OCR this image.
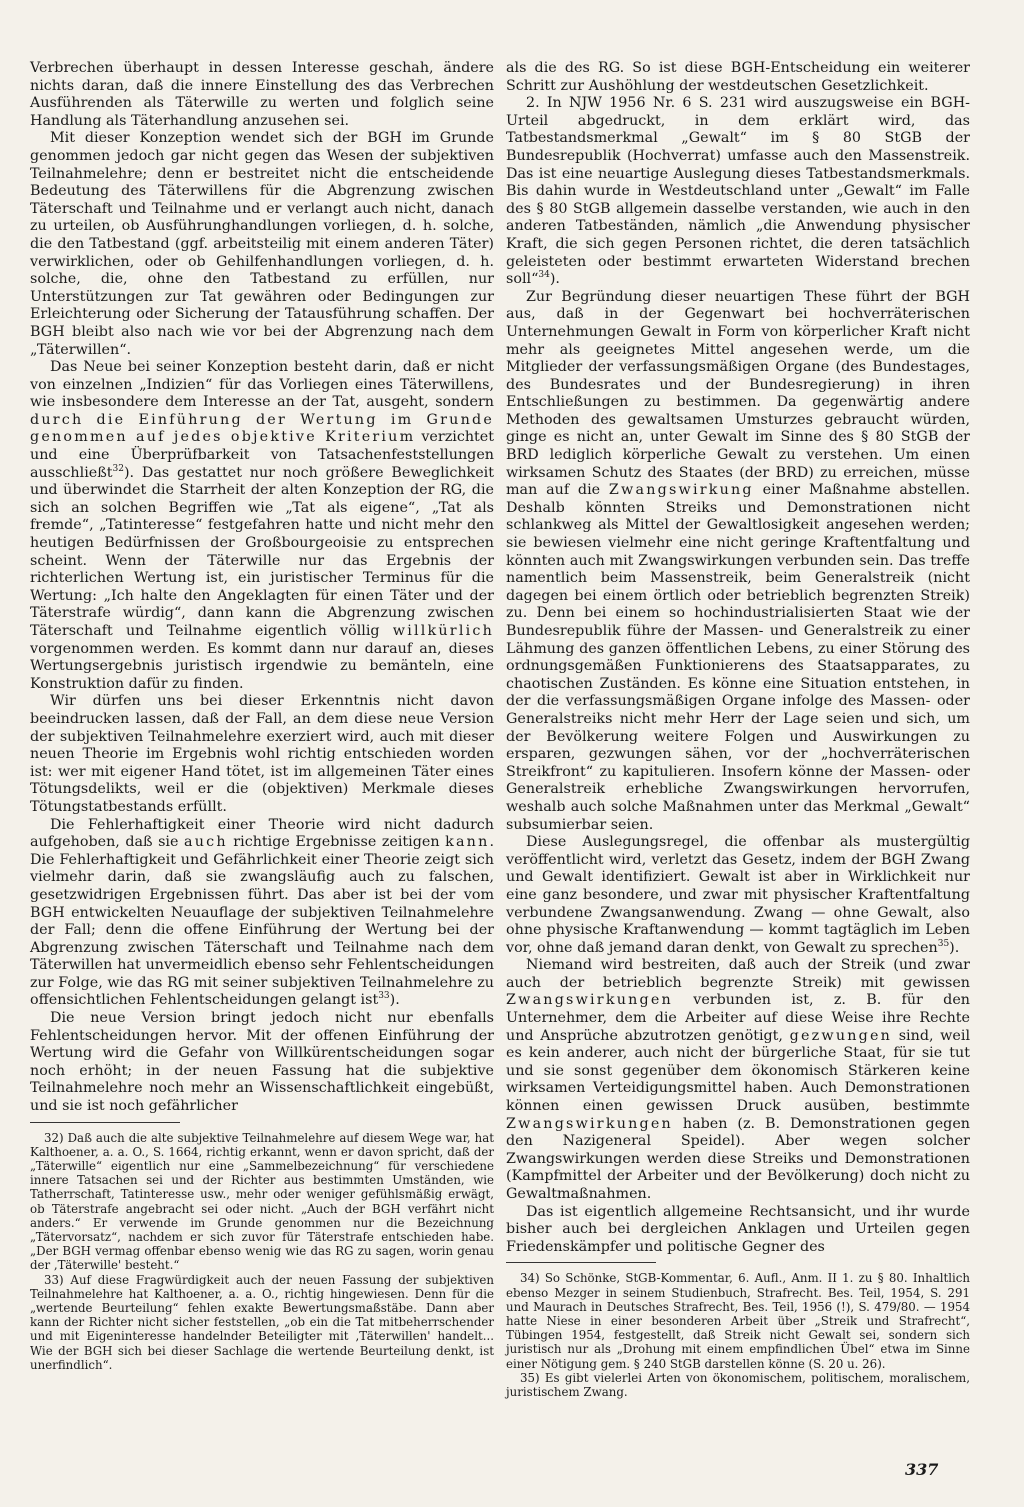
Verbrechen überhaupt in dessen Interesse geschah, ändere nichts daran, daß die innere Einstellung des das Verbrechen Ausführenden als Täterwille zu werten und folglich seine Handlung als Täterhandlung anzusehen sei.

Mit dieser Konzeption wendet sich der BGH im Grunde genommen jedoch gar nicht gegen das Wesen der subjektiven Teilnahmelehre; denn er bestreitet nicht die entscheidende Bedeutung des Täterwillens für die Abgrenzung zwischen Täterschaft und Teilnahme und er verlangt auch nicht, danach zu urteilen, ob Ausführunghandlungen vorliegen, d. h. solche, die den Tatbestand (ggf. arbeitsteilig mit einem anderen Täter) verwirklichen, oder ob Gehilfenhandlungen vorliegen, d. h. solche, die, ohne den Tatbestand zu erfüllen, nur Unterstützungen zur Tat gewähren oder Bedingungen zur Erleichterung oder Sicherung der Tatausführung schaffen. Der BGH bleibt also nach wie vor bei der Abgrenzung nach dem „Täterwillen“.

Das Neue bei seiner Konzeption besteht darin, daß er nicht von einzelnen „Indizien“ für das Vorliegen eines Täterwillens, wie insbesondere dem Interesse an der Tat, ausgeht, sondern durch die Einführung der Wertung im Grunde genommen auf jedes objektive Kriterium verzichtet und eine Überprüfbarkeit von Tatsachenfeststellungen ausschließt$^{32}$). Das gestattet nur noch größere Beweglichkeit und überwindet die Starrheit der alten Konzeption der RG, die sich an solchen Begriffen wie „Tat als eigene“, „Tat als fremde“, „Tatinteresse“ festgefahren hatte und nicht mehr den heutigen Bedürfnissen der Großbourgeoisie zu entsprechen scheint. Wenn der Täterwille nur das Ergebnis der richterlichen Wertung ist, ein juristischer Terminus für die Wertung: „Ich halte den Angeklagten für einen Täter und der Täterstrafe würdig“, dann kann die Abgrenzung zwischen Täterschaft und Teilnahme eigentlich völlig willkürlich vorgenommen werden. Es kommt dann nur darauf an, dieses Wertungsergebnis juristisch irgendwie zu bemänteln, eine Konstruktion dafür zu finden.

Wir dürfen uns bei dieser Erkenntnis nicht davon beeindrucken lassen, daß der Fall, an dem diese neue Version der subjektiven Teilnahmelehre exerziert wird, auch mit dieser neuen Theorie im Ergebnis wohl richtig entschieden worden ist: wer mit eigener Hand tötet, ist im allgemeinen Täter eines Tötungsdelikts, weil er die (objektiven) Merkmale dieses Tötungstatbestands erfüllt.

Die Fehlerhaftigkeit einer Theorie wird nicht dadurch aufgehoben, daß sie auch richtige Ergebnisse zeitigen kann. Die Fehlerhaftigkeit und Gefährlichkeit einer Theorie zeigt sich vielmehr darin, daß sie zwangsläufig auch zu falschen, gesetzwidrigen Ergebnissen führt. Das aber ist bei der vom BGH entwickelten Neuauflage der subjektiven Teilnahmelehre der Fall; denn die offene Einführung der Wertung bei der Abgrenzung zwischen Täterschaft und Teilnahme nach dem Täterwillen hat unvermeidlich ebenso sehr Fehlentscheidungen zur Folge, wie das RG mit seiner subjektiven Teilnahmelehre zu offensichtlichen Fehlentscheidungen gelangt ist$^{33}$).

Die neue Version bringt jedoch nicht nur ebenfalls Fehlentscheidungen hervor. Mit der offenen Einführung der Wertung wird die Gefahr von Willkürentscheidungen sogar noch erhöht; in der neuen Fassung hat die subjektive Teilnahmelehre noch mehr an Wissenschaftlichkeit eingebüßt, und sie ist noch gefährlicher

32) Daß auch die alte subjektive Teilnahmelehre auf diesem Wege war, hat Kalthoener, a. a. O., S. 1664, richtig erkannt, wenn er davon spricht, daß der „Täterwille“ eigentlich nur eine „Sammelbezeichnung“ für verschiedene innere Tatsachen sei und der Richter aus bestimmten Umständen, wie Tatherrschaft, Tatinteresse usw., mehr oder weniger gefühlsmäßig erwägt, ob Täterstrafe angebracht sei oder nicht. „Auch der BGH verfährt nicht anders.“ Er verwende im Grunde genommen nur die Bezeichnung „Tätervorsatz“, nachdem er sich zuvor für Täterstrafe entschieden habe. „Der BGH vermag offenbar ebenso wenig wie das RG zu sagen, worin genau der ,Täterwille' besteht.“

33) Auf diese Fragwürdigkeit auch der neuen Fassung der subjektiven Teilnahmelehre hat Kalthoener, a. a. O., richtig hingewiesen. Denn für die „wertende Beurteilung“ fehlen exakte Bewertungsmaßstäbe. Dann aber kann der Richter nicht sicher feststellen, „ob ein die Tat mitbeherrschender und mit Eigeninteresse handelnder Beteiligter mit ,Täterwillen' handelt... Wie der BGH sich bei dieser Sachlage die wertende Beurteilung denkt, ist unerfindlich“.

als die des RG. So ist diese BGH-Entscheidung ein weiterer Schritt zur Aushöhlung der westdeutschen Gesetzlichkeit.

2. In NJW 1956 Nr. 6 S. 231 wird auszugsweise ein BGH-Urteil abgedruckt, in dem erklärt wird, das Tatbestandsmerkmal „Gewalt“ im § 80 StGB der Bundesrepublik (Hochverrat) umfasse auch den Massenstreik. Das ist eine neuartige Auslegung dieses Tatbestandsmerkmals. Bis dahin wurde in Westdeutschland unter „Gewalt“ im Falle des § 80 StGB allgemein dasselbe verstanden, wie auch in den anderen Tatbeständen, nämlich „die Anwendung physischer Kraft, die sich gegen Personen richtet, die deren tatsächlich geleisteten oder bestimmt erwarteten Widerstand brechen soll“$^{34}$).

Zur Begründung dieser neuartigen These führt der BGH aus, daß in der Gegenwart bei hochverräterischen Unternehmungen Gewalt in Form von körperlicher Kraft nicht mehr als geeignetes Mittel angesehen werde, um die Mitglieder der verfassungsmäßigen Organe (des Bundestages, des Bundesrates und der Bundesregierung) in ihren Entschließungen zu bestimmen. Da gegenwärtig andere Methoden des gewaltsamen Umsturzes gebraucht würden, ginge es nicht an, unter Gewalt im Sinne des § 80 StGB der BRD lediglich körperliche Gewalt zu verstehen. Um einen wirksamen Schutz des Staates (der BRD) zu erreichen, müsse man auf die Zwangswirkung einer Maßnahme abstellen. Deshalb könnten Streiks und Demonstrationen nicht schlankweg als Mittel der Gewaltlosigkeit angesehen werden; sie bewiesen vielmehr eine nicht geringe Kraftentfaltung und könnten auch mit Zwangswirkungen verbunden sein. Das treffe namentlich beim Massenstreik, beim Generalstreik (nicht dagegen bei einem örtlich oder betrieblich begrenzten Streik) zu. Denn bei einem so hochindustrialisierten Staat wie der Bundesrepublik führe der Massen- und Generalstreik zu einer Lähmung des ganzen öffentlichen Lebens, zu einer Störung des ordnungsgemäßen Funktionierens des Staatsapparates, zu chaotischen Zuständen. Es könne eine Situation entstehen, in der die verfassungsmäßigen Organe infolge des Massen- oder Generalstreiks nicht mehr Herr der Lage seien und sich, um der Bevölkerung weitere Folgen und Auswirkungen zu ersparen, gezwungen sähen, vor der „hochverräterischen Streikfront“ zu kapitulieren. Insofern könne der Massen- oder Generalstreik erhebliche Zwangswirkungen hervorrufen, weshalb auch solche Maßnahmen unter das Merkmal „Gewalt“ subsumierbar seien.

Diese Auslegungsregel, die offenbar als mustergültig veröffentlicht wird, verletzt das Gesetz, indem der BGH Zwang und Gewalt identifiziert. Gewalt ist aber in Wirklichkeit nur eine ganz besondere, und zwar mit physischer Kraftentfaltung verbundene Zwangsanwendung. Zwang — ohne Gewalt, also ohne physische Kraftanwendung — kommt tagtäglich im Leben vor, ohne daß jemand daran denkt, von Gewalt zu sprechen$^{35}$).

Niemand wird bestreiten, daß auch der Streik (und zwar auch der betrieblich begrenzte Streik) mit gewissen Zwangswirkungen verbunden ist, z. B. für den Unternehmer, dem die Arbeiter auf diese Weise ihre Rechte und Ansprüche abzutrotzen genötigt, gezwungen sind, weil es kein anderer, auch nicht der bürgerliche Staat, für sie tut und sie sonst gegenüber dem ökonomisch Stärkeren keine wirksamen Verteidigungsmittel haben. Auch Demonstrationen können einen gewissen Druck ausüben, bestimmte Zwangswirkungen haben (z. B. Demonstrationen gegen den Nazigeneral Speidel). Aber wegen solcher Zwangswirkungen werden diese Streiks und Demonstrationen (Kampfmittel der Arbeiter und der Bevölkerung) doch nicht zu Gewaltmaßnahmen.

Das ist eigentlich allgemeine Rechtsansicht, und ihr wurde bisher auch bei dergleichen Anklagen und Urteilen gegen Friedenskämpfer und politische Gegner des

34) So Schönke, StGB-Kommentar, 6. Aufl., Anm. II 1. zu § 80. Inhaltlich ebenso Mezger in seinem Studienbuch, Strafrecht. Bes. Teil, 1954, S. 291 und Maurach in Deutsches Strafrecht, Bes. Teil, 1956 (!), S. 479/80. — 1954 hatte Niese in einer besonderen Arbeit über „Streik und Strafrecht“, Tübingen 1954, festgestellt, daß Streik nicht Gewalt sei, sondern sich juristisch nur als „Drohung mit einem empfindlichen Übel“ etwa im Sinne einer Nötigung gem. § 240 StGB darstellen könne (S. 20 u. 26).

35) Es gibt vielerlei Arten von ökonomischem, politischem, moralischem, juristischem Zwang.

337
